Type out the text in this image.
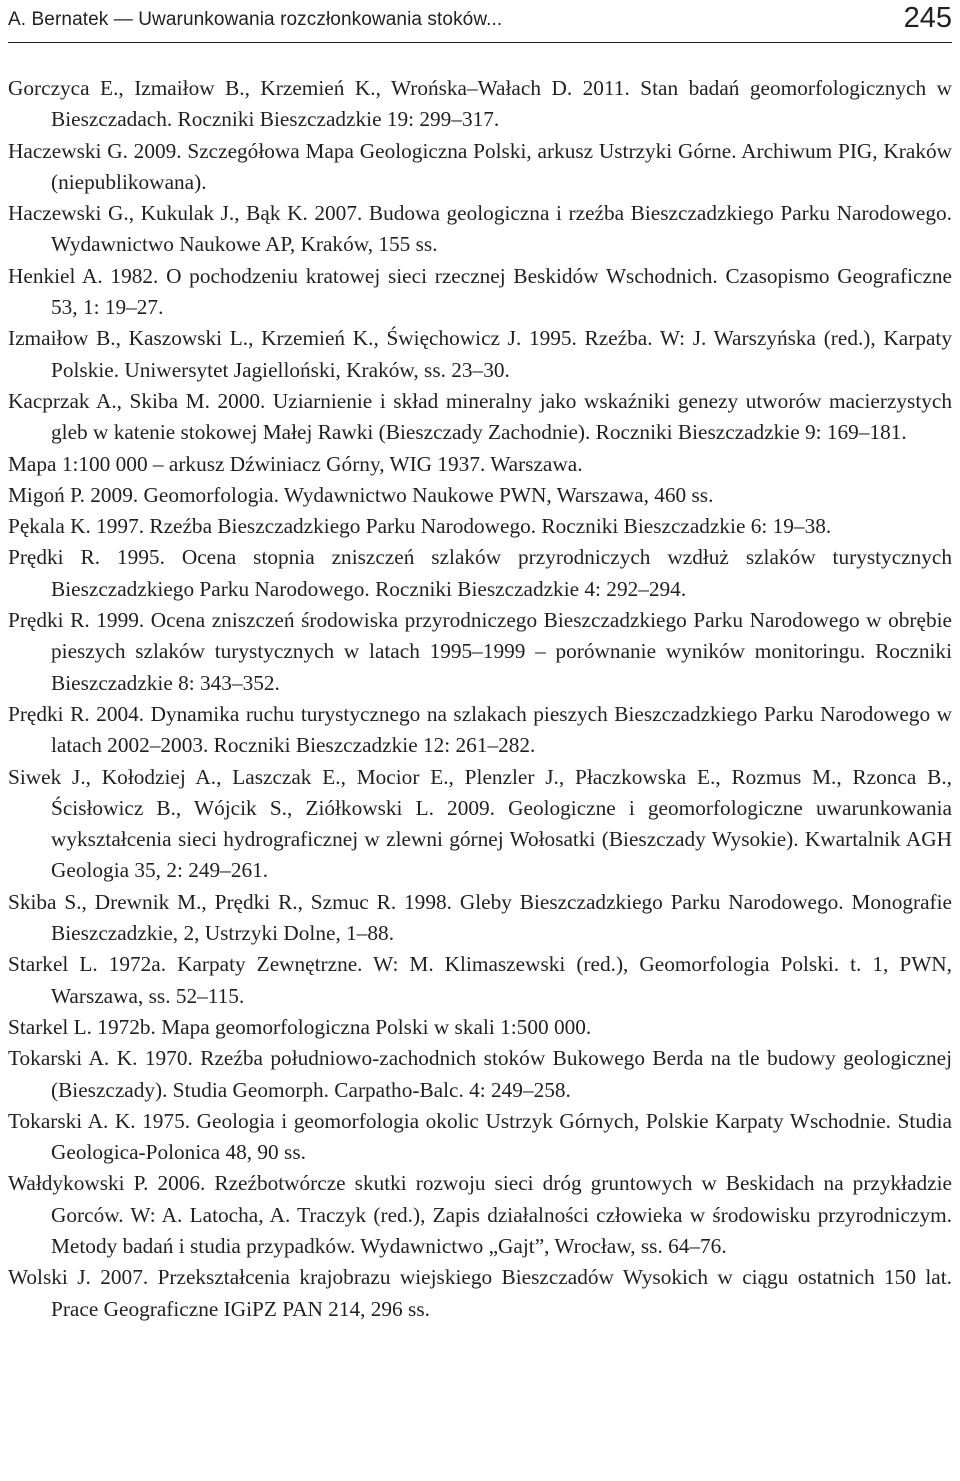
A. Bernatek — Uwarunkowania rozczłonkowania stoków...	245
Gorczyca E., Izmaiłow B., Krzemień K., Wrońska–Wałach D. 2011. Stan badań geomorfologicznych w Bieszczadach. Roczniki Bieszczadzkie 19: 299–317.
Haczewski G. 2009. Szczegółowa Mapa Geologiczna Polski, arkusz Ustrzyki Górne. Archiwum PIG, Kraków (niepublikowana).
Haczewski G., Kukulak J., Bąk K. 2007. Budowa geologiczna i rzeźba Bieszczadzkiego Parku Narodowego. Wydawnictwo Naukowe AP, Kraków, 155 ss.
Henkiel A. 1982. O pochodzeniu kratowej sieci rzecznej Beskidów Wschodnich. Czasopismo Geograficzne 53, 1: 19–27.
Izmaiłow B., Kaszowski L., Krzemień K., Święchowicz J. 1995. Rzeźba. W: J. Warszyńska (red.), Karpaty Polskie. Uniwersytet Jagielloński, Kraków, ss. 23–30.
Kacprzak A., Skiba M. 2000. Uziarnienie i skład mineralny jako wskaźniki genezy utworów macierzystych gleb w katenie stokowej Małej Rawki (Bieszczady Zachodnie). Roczniki Bieszczadzkie 9: 169–181.
Mapa 1:100 000 – arkusz Dźwiniacz Górny, WIG 1937. Warszawa.
Migoń P. 2009. Geomorfologia. Wydawnictwo Naukowe PWN, Warszawa, 460 ss.
Pękala K. 1997. Rzeźba Bieszczadzkiego Parku Narodowego. Roczniki Bieszczadzkie 6: 19–38.
Prędki R. 1995. Ocena stopnia zniszczeń szlaków przyrodniczych wzdłuż szlaków turystycznych Bieszczadzkiego Parku Narodowego. Roczniki Bieszczadzkie 4: 292–294.
Prędki R. 1999. Ocena zniszczeń środowiska przyrodniczego Bieszczadzkiego Parku Narodowego w obrębie pieszych szlaków turystycznych w latach 1995–1999 – porównanie wyników monitoringu. Roczniki Bieszczadzkie 8: 343–352.
Prędki R. 2004. Dynamika ruchu turystycznego na szlakach pieszych Bieszczadzkiego Parku Narodowego w latach 2002–2003. Roczniki Bieszczadzkie 12: 261–282.
Siwek J., Kołodziej A., Laszczak E., Mocior E., Plenzler J., Płaczkowska E., Rozmus M., Rzonca B., Ścisłowicz B., Wójcik S., Ziółkowski L. 2009. Geologiczne i geomorfologiczne uwarunkowania wykształcenia sieci hydrograficznej w zlewni górnej Wołosatki (Bieszczady Wysokie). Kwartalnik AGH Geologia 35, 2: 249–261.
Skiba S., Drewnik M., Prędki R., Szmuc R. 1998. Gleby Bieszczadzkiego Parku Narodowego. Monografie Bieszczadzkie, 2, Ustrzyki Dolne, 1–88.
Starkel L. 1972a. Karpaty Zewnętrzne. W: M. Klimaszewski (red.), Geomorfologia Polski. t. 1, PWN, Warszawa, ss. 52–115.
Starkel L. 1972b. Mapa geomorfologiczna Polski w skali 1:500 000.
Tokarski A. K. 1970. Rzeźba południowo-zachodnich stoków Bukowego Berda na tle budowy geologicznej (Bieszczady). Studia Geomorph. Carpatho-Balc. 4: 249–258.
Tokarski A. K. 1975. Geologia i geomorfologia okolic Ustrzyk Górnych, Polskie Karpaty Wschodnie. Studia Geologica-Polonica 48, 90 ss.
Wałdykowski P. 2006. Rzeźbotwórcze skutki rozwoju sieci dróg gruntowych w Beskidach na przykładzie Gorców. W: A. Latocha, A. Traczyk (red.), Zapis działalności człowieka w środowisku przyrodniczym. Metody badań i studia przypadków. Wydawnictwo „Gajt”, Wrocław, ss. 64–76.
Wolski J. 2007. Przekształcenia krajobrazu wiejskiego Bieszczadów Wysokich w ciągu ostatnich 150 lat. Prace Geograficzne IGiPZ PAN 214, 296 ss.
